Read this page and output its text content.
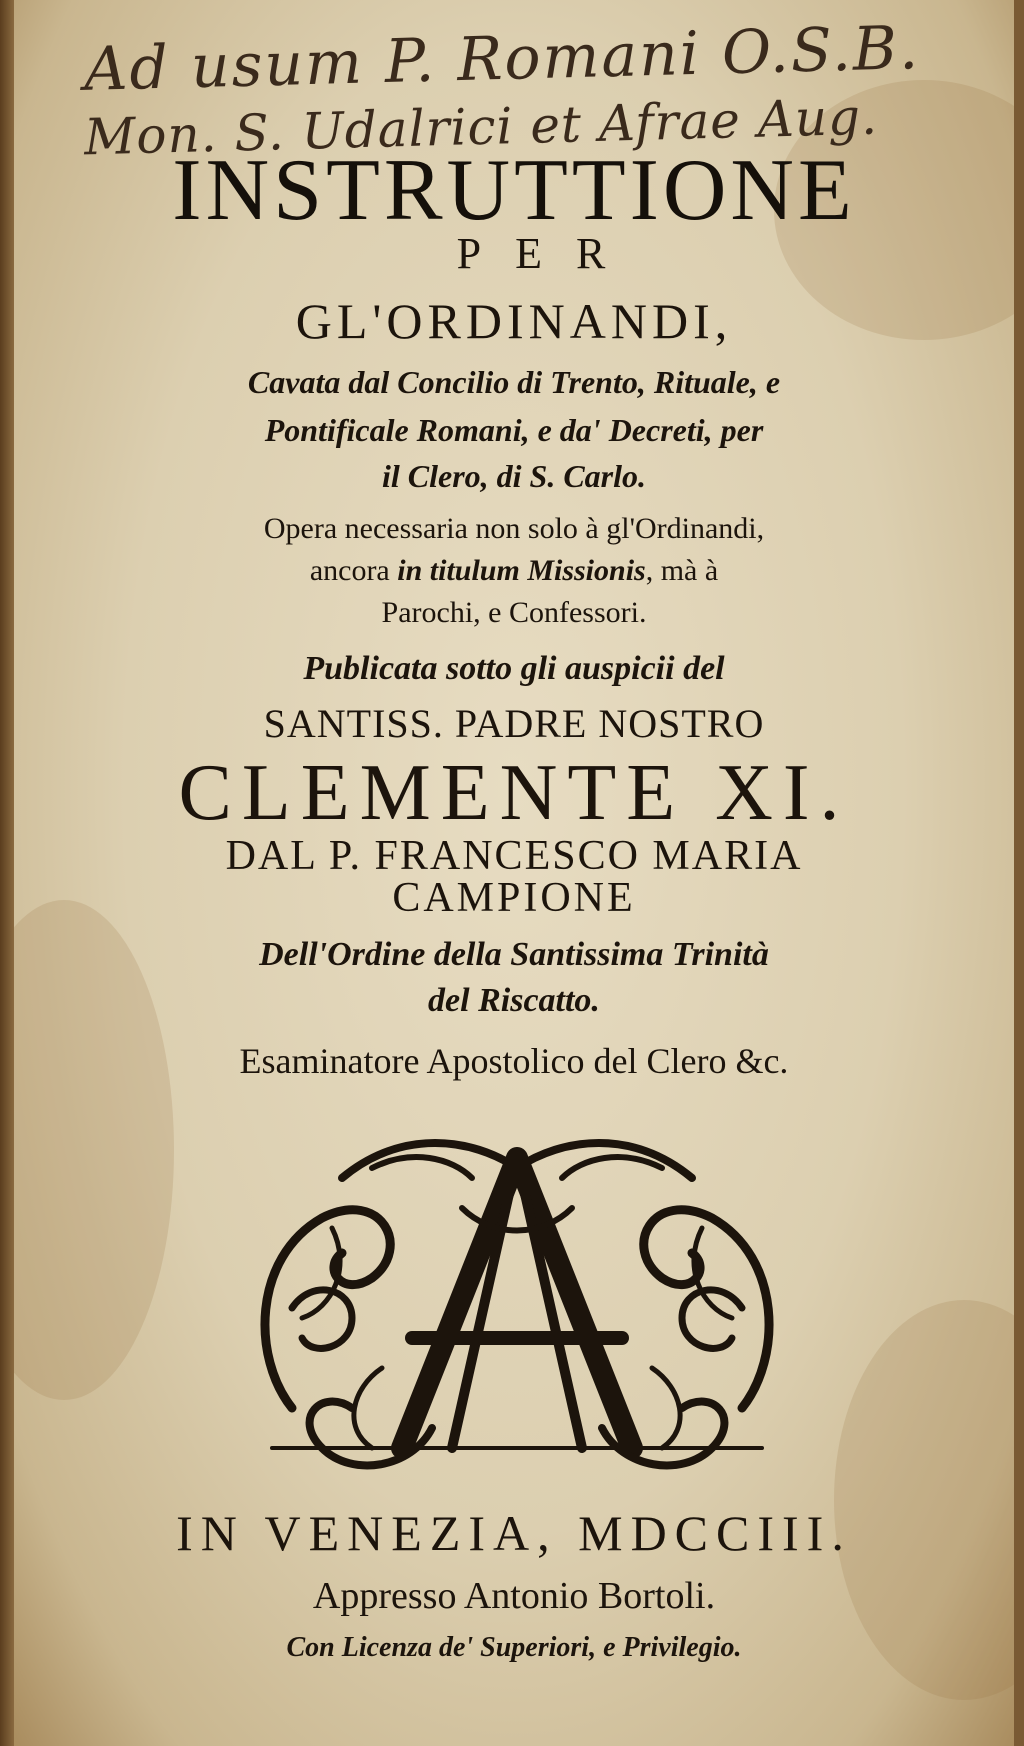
Ad usum P. Romani O.S.B.
Mon. S. Udalrici et Afrae Aug.
INSTRUTTIONE
PER
GL'ORDINANDI,
Cavata dal Concilio di Trento, Rituale, e
Pontificale Romani, e da' Decreti, per
il Clero, di S. Carlo.
Opera necessaria non solo à gl'Ordinandi,
ancora in titulum Missionis, mà à
Parochi, e Confessori.
Publicata sotto gli auspicii del
SANTISS. PADRE NOSTRO
CLEMENTE XI.
DAL P. FRANCESCO MARIA
CAMPIONE
Dell'Ordine della Santissima Trinità
del Riscatto.
Esaminatore Apostolico del Clero &c.
IN VENEZIA, MDCCIII.
Appresso Antonio Bortoli.
Con Licenza de' Superiori, e Privilegio.
